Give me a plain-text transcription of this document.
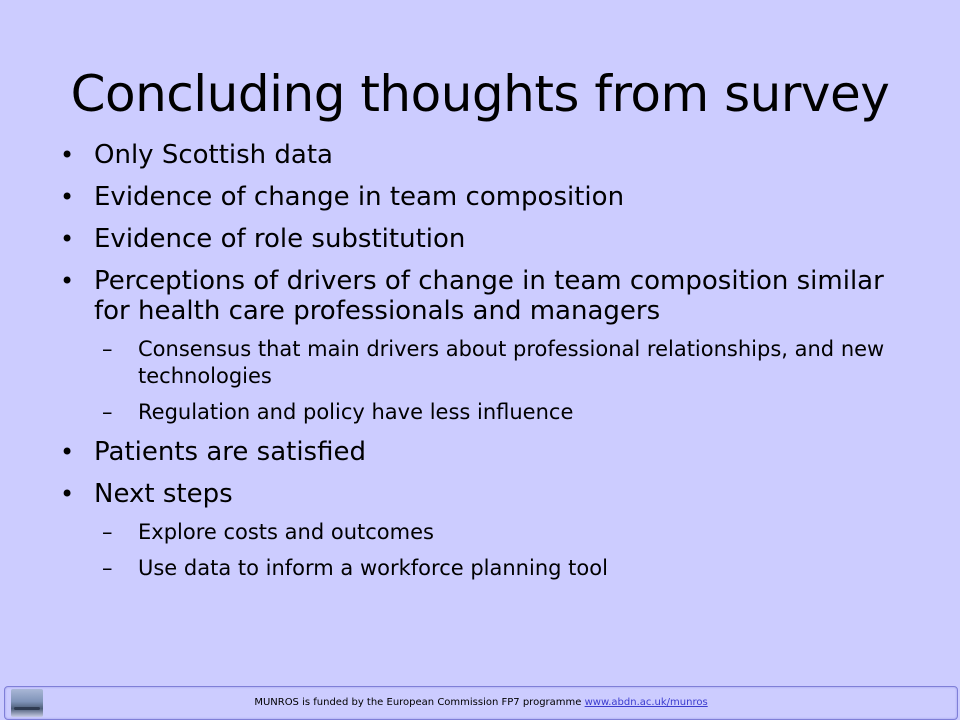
Concluding thoughts from survey
• Only Scottish data
• Evidence of change in team composition
• Evidence of role substitution
• Perceptions of drivers of change in team composition similar for health care professionals and managers
– Consensus that main drivers about professional relationships, and new technologies
– Regulation and policy have less influence
• Patients are satisfied
• Next steps
– Explore costs and outcomes
– Use data to inform a workforce planning tool
MUNROS is funded by the European Commission FP7 programme www.abdn.ac.uk/munros
